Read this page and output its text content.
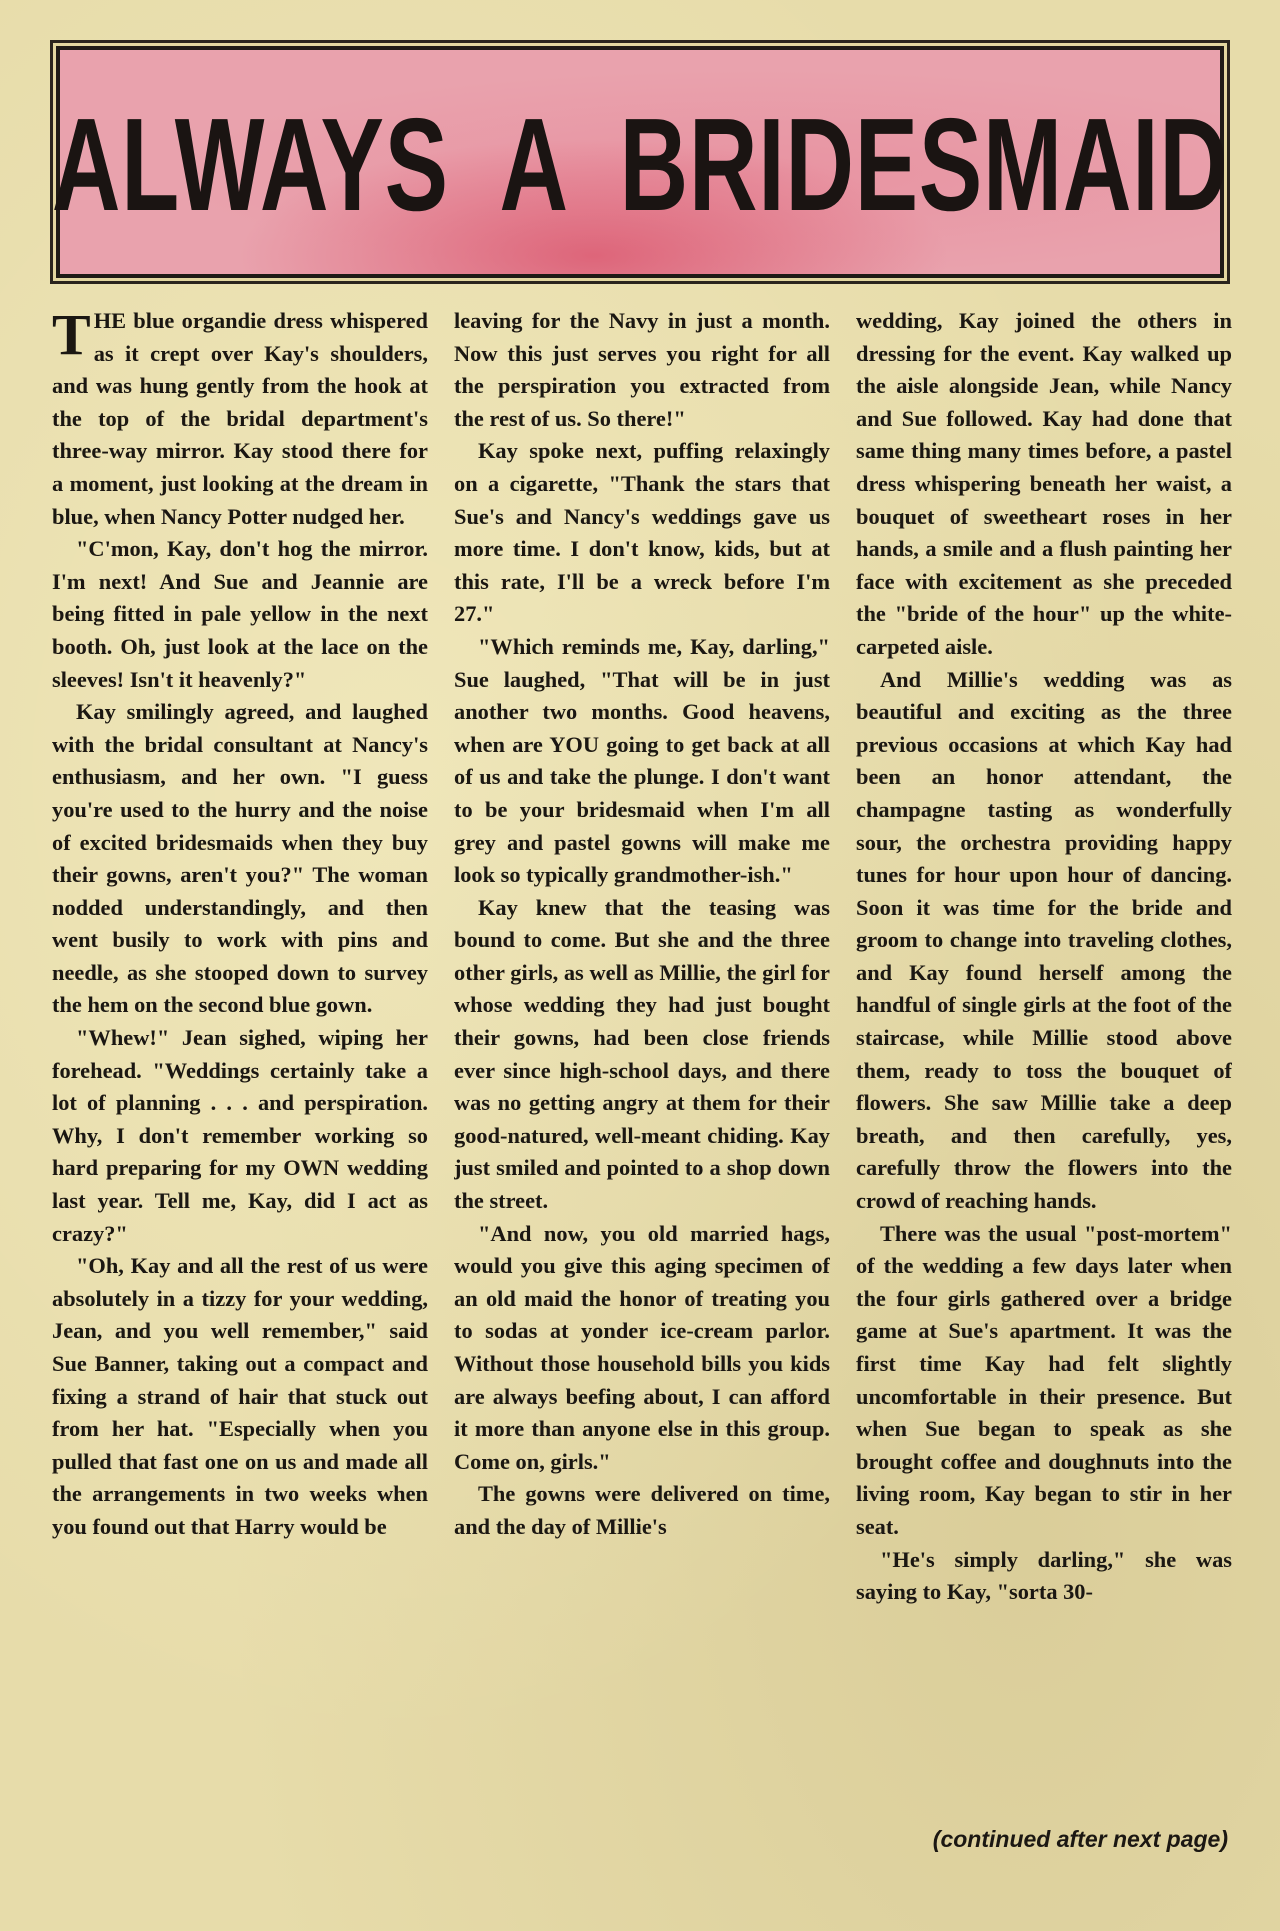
ALWAYS  A  BRIDESMAID

THE blue organdie dress whispered as it crept over Kay's shoulders, and was hung gently from the hook at the top of the bridal department's three-way mirror. Kay stood there for a moment, just looking at the dream in blue, when Nancy Potter nudged her.

"C'mon, Kay, don't hog the mirror. I'm next! And Sue and Jeannie are being fitted in pale yellow in the next booth. Oh, just look at the lace on the sleeves! Isn't it heavenly?"

Kay smilingly agreed, and laughed with the bridal consultant at Nancy's enthusiasm, and her own. "I guess you're used to the hurry and the noise of excited bridesmaids when they buy their gowns, aren't you?" The woman nodded understandingly, and then went busily to work with pins and needle, as she stooped down to survey the hem on the second blue gown.

"Whew!" Jean sighed, wiping her forehead. "Weddings certainly take a lot of planning . . . and perspiration. Why, I don't remember working so hard preparing for my OWN wedding last year. Tell me, Kay, did I act as crazy?"

"Oh, Kay and all the rest of us were absolutely in a tizzy for your wedding, Jean, and you well remember," said Sue Banner, taking out a compact and fixing a strand of hair that stuck out from her hat. "Especially when you pulled that fast one on us and made all the arrangements in two weeks when you found out that Harry would be

leaving for the Navy in just a month. Now this just serves you right for all the perspiration you extracted from the rest of us. So there!"

Kay spoke next, puffing relaxingly on a cigarette, "Thank the stars that Sue's and Nancy's weddings gave us more time. I don't know, kids, but at this rate, I'll be a wreck before I'm 27."

"Which reminds me, Kay, darling," Sue laughed, "That will be in just another two months. Good heavens, when are YOU going to get back at all of us and take the plunge. I don't want to be your bridesmaid when I'm all grey and pastel gowns will make me look so typically grandmother-ish."

Kay knew that the teasing was bound to come. But she and the three other girls, as well as Millie, the girl for whose wedding they had just bought their gowns, had been close friends ever since high-school days, and there was no getting angry at them for their good-natured, well-meant chiding. Kay just smiled and pointed to a shop down the street.

"And now, you old married hags, would you give this aging specimen of an old maid the honor of treating you to sodas at yonder ice-cream parlor. Without those household bills you kids are always beefing about, I can afford it more than anyone else in this group. Come on, girls."

The gowns were delivered on time, and the day of Millie's

wedding, Kay joined the others in dressing for the event. Kay walked up the aisle alongside Jean, while Nancy and Sue followed. Kay had done that same thing many times before, a pastel dress whispering beneath her waist, a bouquet of sweetheart roses in her hands, a smile and a flush painting her face with excitement as she preceded the "bride of the hour" up the white-carpeted aisle.

And Millie's wedding was as beautiful and exciting as the three previous occasions at which Kay had been an honor attendant, the champagne tasting as wonderfully sour, the orchestra providing happy tunes for hour upon hour of dancing. Soon it was time for the bride and groom to change into traveling clothes, and Kay found herself among the handful of single girls at the foot of the staircase, while Millie stood above them, ready to toss the bouquet of flowers. She saw Millie take a deep breath, and then carefully, yes, carefully throw the flowers into the crowd of reaching hands.

There was the usual "post-mortem" of the wedding a few days later when the four girls gathered over a bridge game at Sue's apartment. It was the first time Kay had felt slightly uncomfortable in their presence. But when Sue began to speak as she brought coffee and doughnuts into the living room, Kay began to stir in her seat.

"He's simply darling," she was saying to Kay, "sorta 30-

(continued after next page)
